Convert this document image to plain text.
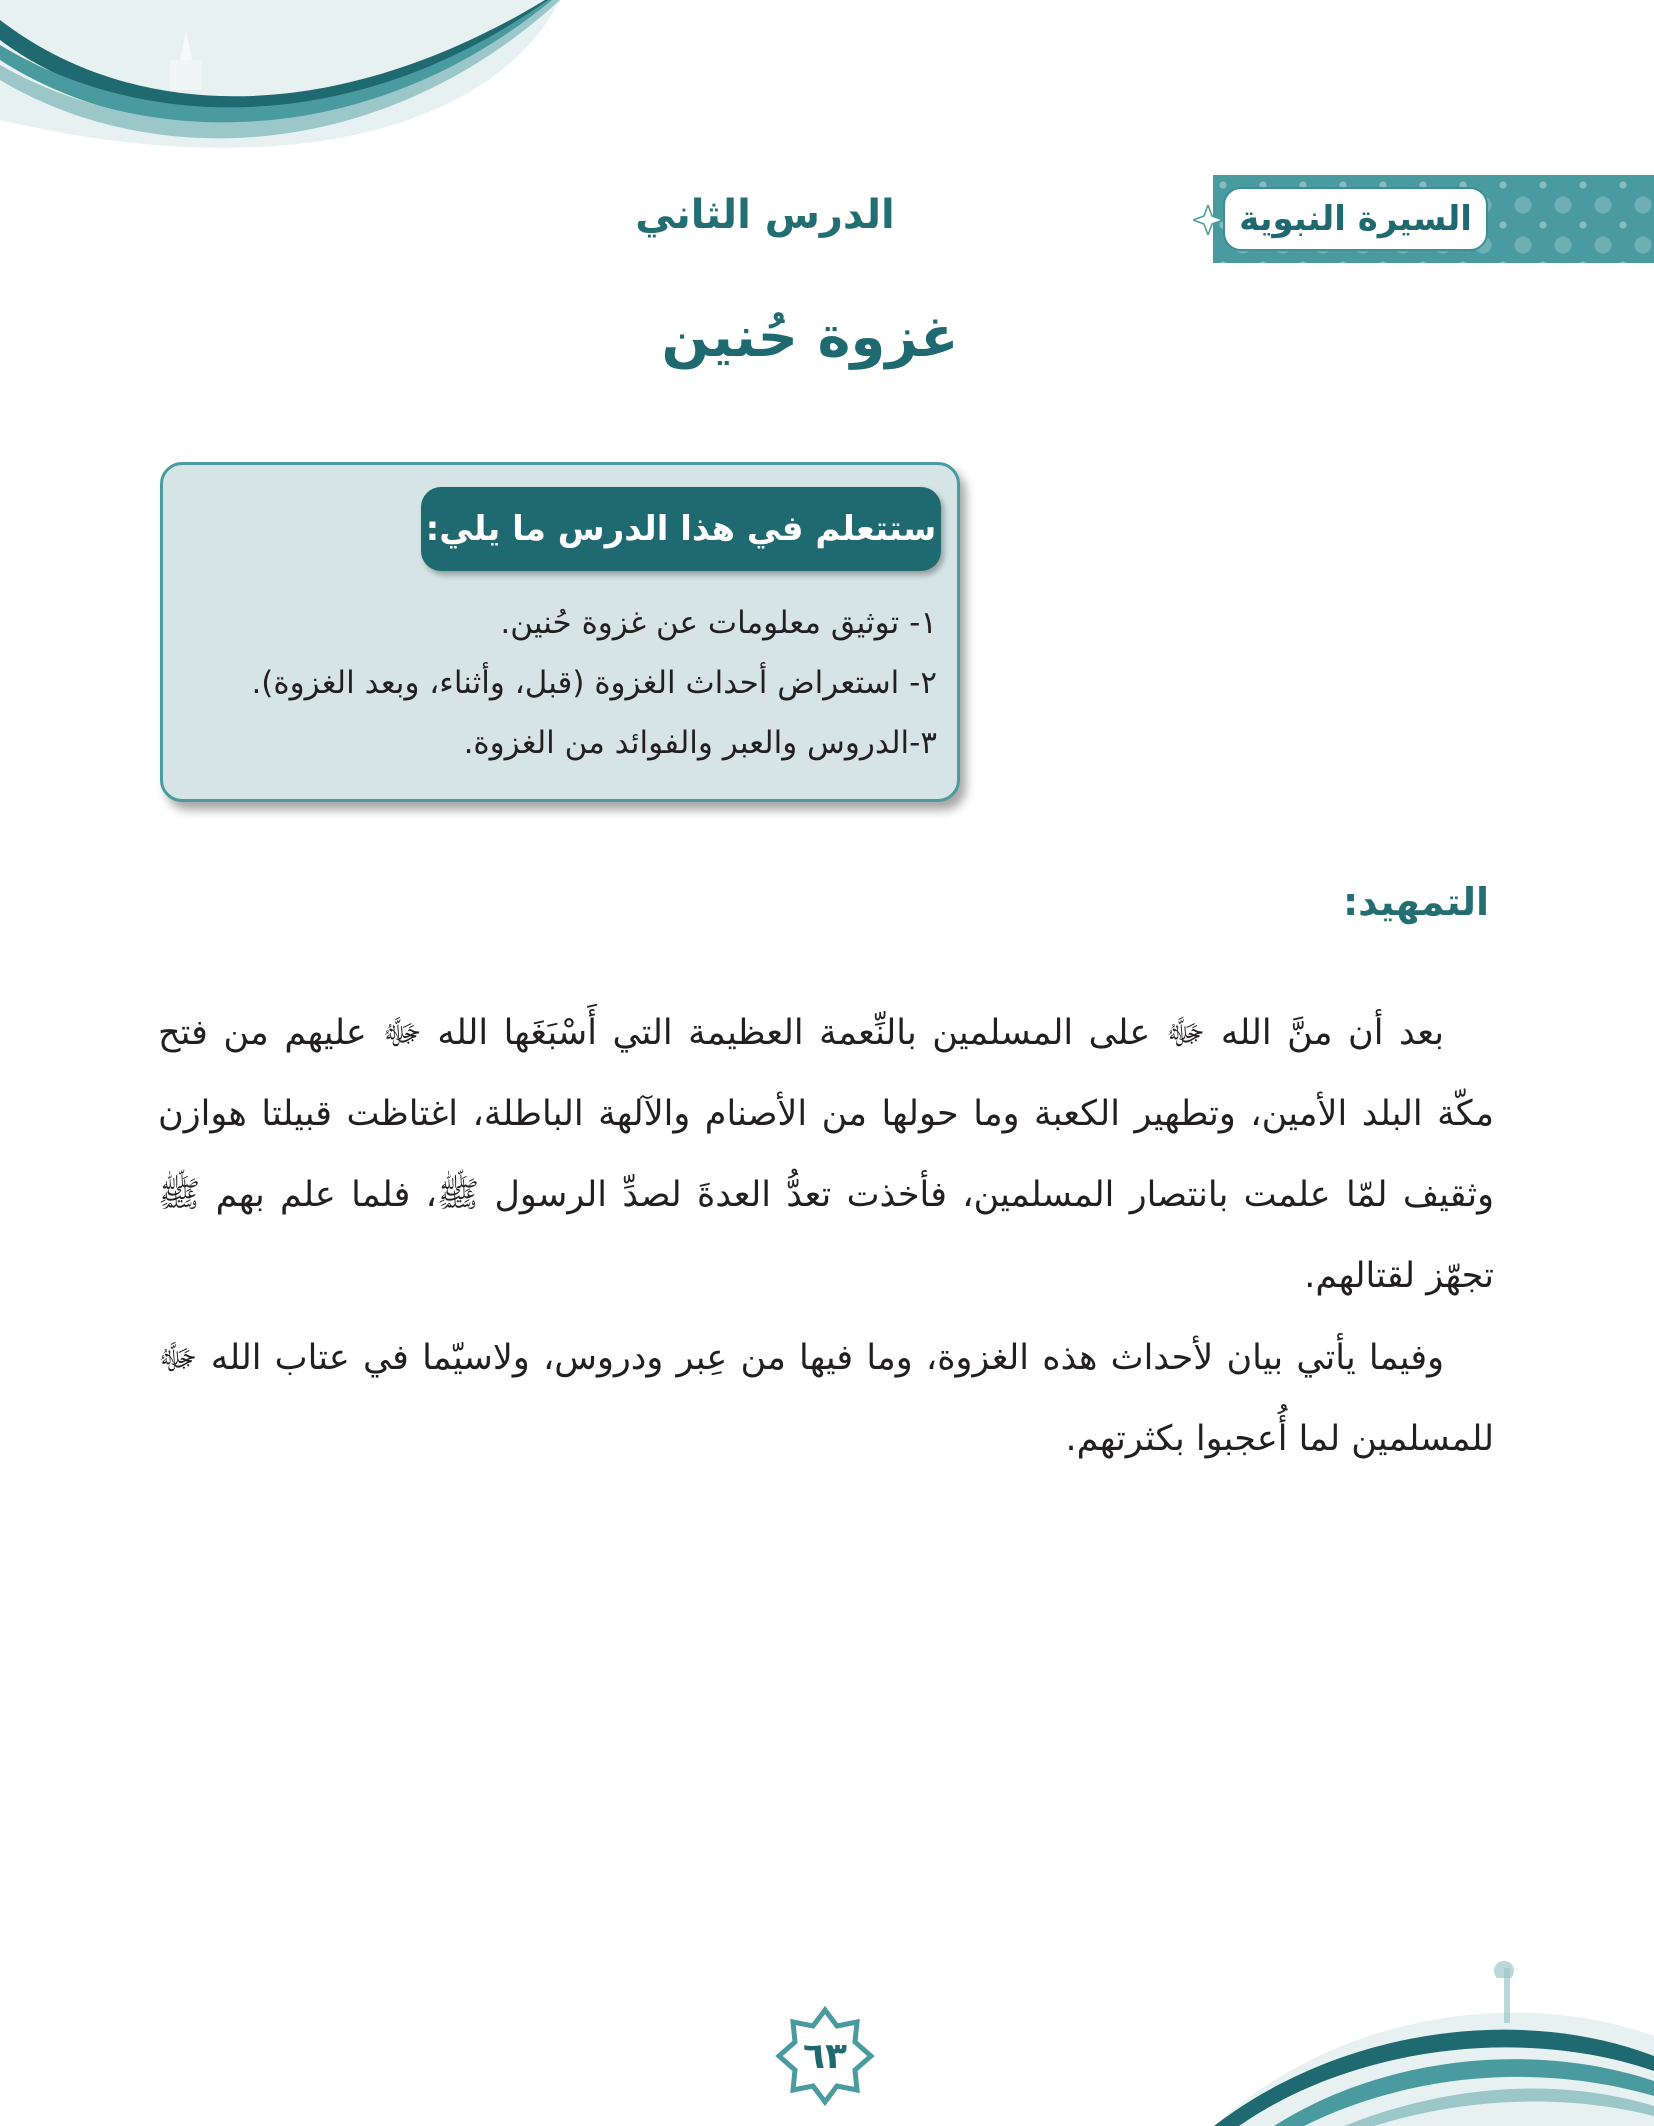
السيرة النبوية
الدرس الثاني
غزوة حُنين
ستتعلم في هذا الدرس ما يلي:
١- توثيق معلومات عن غزوة حُنين.
٢- استعراض أحداث الغزوة (قبل، وأثناء، وبعد الغزوة).
٣-الدروس والعبر والفوائد من الغزوة.
التمهيد:

بعد أن منَّ الله ﷻ على المسلمين بالنِّعمة العظيمة التي أَسْبَغَها الله ﷻ عليهم من فتح مكّة البلد الأمين، وتطهير الكعبة وما حولها من الأصنام والآلهة الباطلة، اغتاظت قبيلتا هوازن وثقيف لمّا علمت بانتصار المسلمين، فأخذت تعدُّ العدةَ لصدِّ الرسول ﷺ، فلما علم بهم ﷺ تجهّز لقتالهم.

وفيما يأتي بيان لأحداث هذه الغزوة، وما فيها من عِبر ودروس، ولاسيّما في عتاب الله ﷻ للمسلمين لما أُعجبوا بكثرتهم.

٦٣
